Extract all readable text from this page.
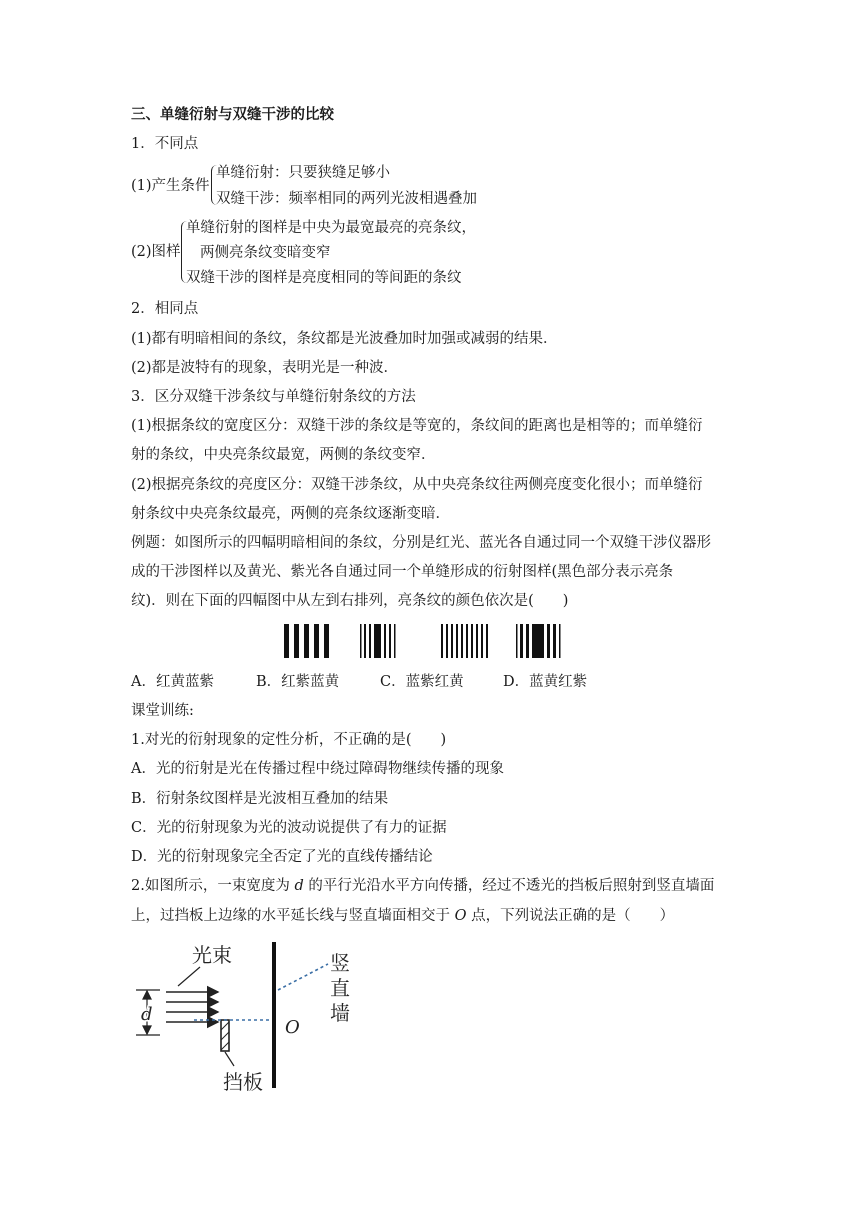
三、单缝衍射与双缝干涉的比较
1．不同点
(1)产生条件
单缝衍射：只要狭缝足够小
双缝干涉：频率相同的两列光波相遇叠加
(2)图样
单缝衍射的图样是中央为最宽最亮的亮条纹，
两侧亮条纹变暗变窄
双缝干涉的图样是亮度相同的等间距的条纹
2．相同点
(1)都有明暗相间的条纹，条纹都是光波叠加时加强或减弱的结果．
(2)都是波特有的现象，表明光是一种波．
3．区分双缝干涉条纹与单缝衍射条纹的方法
(1)根据条纹的宽度区分：双缝干涉的条纹是等宽的，条纹间的距离也是相等的；而单缝衍
射的条纹，中央亮条纹最宽，两侧的条纹变窄．
(2)根据亮条纹的亮度区分：双缝干涉条纹，从中央亮条纹往两侧亮度变化很小；而单缝衍
射条纹中央亮条纹最亮，两侧的亮条纹逐渐变暗．
例题：如图所示的四幅明暗相间的条纹，分别是红光、蓝光各自通过同一个双缝干涉仪器形
成的干涉图样以及黄光、紫光各自通过同一个单缝形成的衍射图样(黑色部分表示亮条
纹)．则在下面的四幅图中从左到右排列，亮条纹的颜色依次是(　　)
A．红黄蓝紫	B．红紫蓝黄	C．蓝紫红黄	D．蓝黄红紫
课堂训练:
1.对光的衍射现象的定性分析，不正确的是(　　)
A．光的衍射是光在传播过程中绕过障碍物继续传播的现象
B．衍射条纹图样是光波相互叠加的结果
C．光的衍射现象为光的波动说提供了有力的证据
D．光的衍射现象完全否定了光的直线传播结论
2.如图所示，一束宽度为 d 的平行光沿水平方向传播，经过不透光的挡板后照射到竖直墙面
上，过挡板上边缘的水平延长线与竖直墙面相交于 O 点，下列说法正确的是（　　）
光束
d
O
竖
直
墙
挡板
